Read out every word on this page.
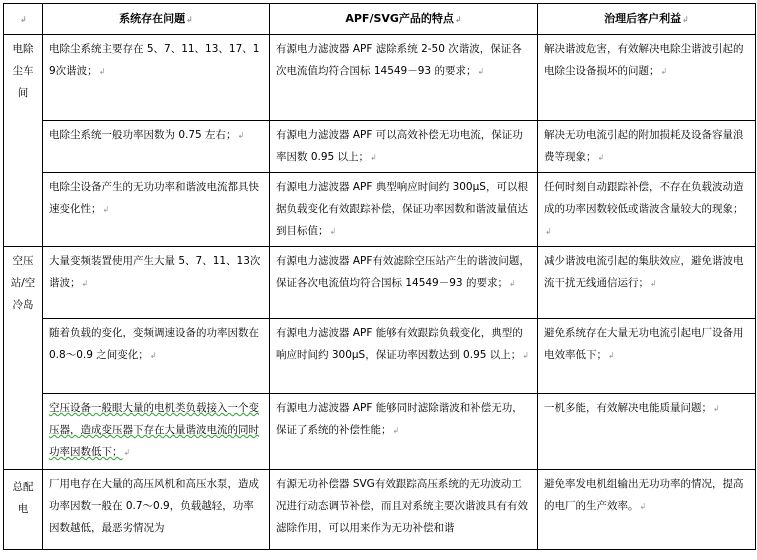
↲	系统存在问题↲	APF/SVG产品的特点↲	治理后客户利益↲
电除尘车间	电除尘系统主要存在 5、7、11、13、17、19次谐波；↲	有源电力滤波器 APF 滤除系统 2-50 次谐波，保证各次电流值均符合国标 14549－93 的要求；↲	解决谐波危害，有效解决电除尘谐波引起的电除尘设备损坏的问题；↲
	电除尘系统一般功率因数为 0.75 左右；↲	有源电力滤波器 APF 可以高效补偿无功电流，保证功率因数 0.95 以上；↲	解决无功电流引起的附加损耗及设备容量浪费等现象；↲
	电除尘设备产生的无功功率和谐波电流都具快速变化性；↲	有源电力滤波器 APF 典型响应时间约 300μS，可以根据负载变化有效跟踪补偿，保证功率因数和谐波量值达到目标值；↲	任何时刻自动跟踪补偿，不存在负载波动造成的功率因数较低或谐波含量较大的现象；↲
空压站/空冷岛	大量变频装置使用产生大量 5、7、11、13次谐波；↲	有源电力滤波器 APF有效滤除空压站产生的谐波问题，保证各次电流值均符合国标 14549－93 的要求；↲	减少谐波电流引起的集肤效应，避免谐波电流干扰无线通信运行；↲
	随着负载的变化，变频调速设备的功率因数在 0.8～0.9 之间变化；↲	有源电力滤波器 APF 能够有效跟踪负载变化，典型的响应时间约 300μS，保证功率因数达到 0.95 以上；↲	避免系统存在大量无功电流引起电厂设备用电效率低下；↲
	空压设备一般眼大量的电机类负载接入一个变压器，造成变压器下存在大量谐波电流的同时功率因数低下；↲	有源电力滤波器 APF 能够同时滤除谐波和补偿无功，保证了系统的补偿性能；↲	一机多能，有效解决电能质量问题；↲
总配电	厂用电存在大量的高压风机和高压水泵，造成功率因数一般在 0.7～0.9，负载越轻，功率因数越低，最恶劣情况为	有源无功补偿器 SVG有效跟踪高压系统的无功波动工况进行动态调节补偿，而且对系统主要次谐波具有有效滤除作用，可以用来作为无功补偿和谐	避免率发电机组输出无功功率的情况，提高的电厂的生产效率。↲
